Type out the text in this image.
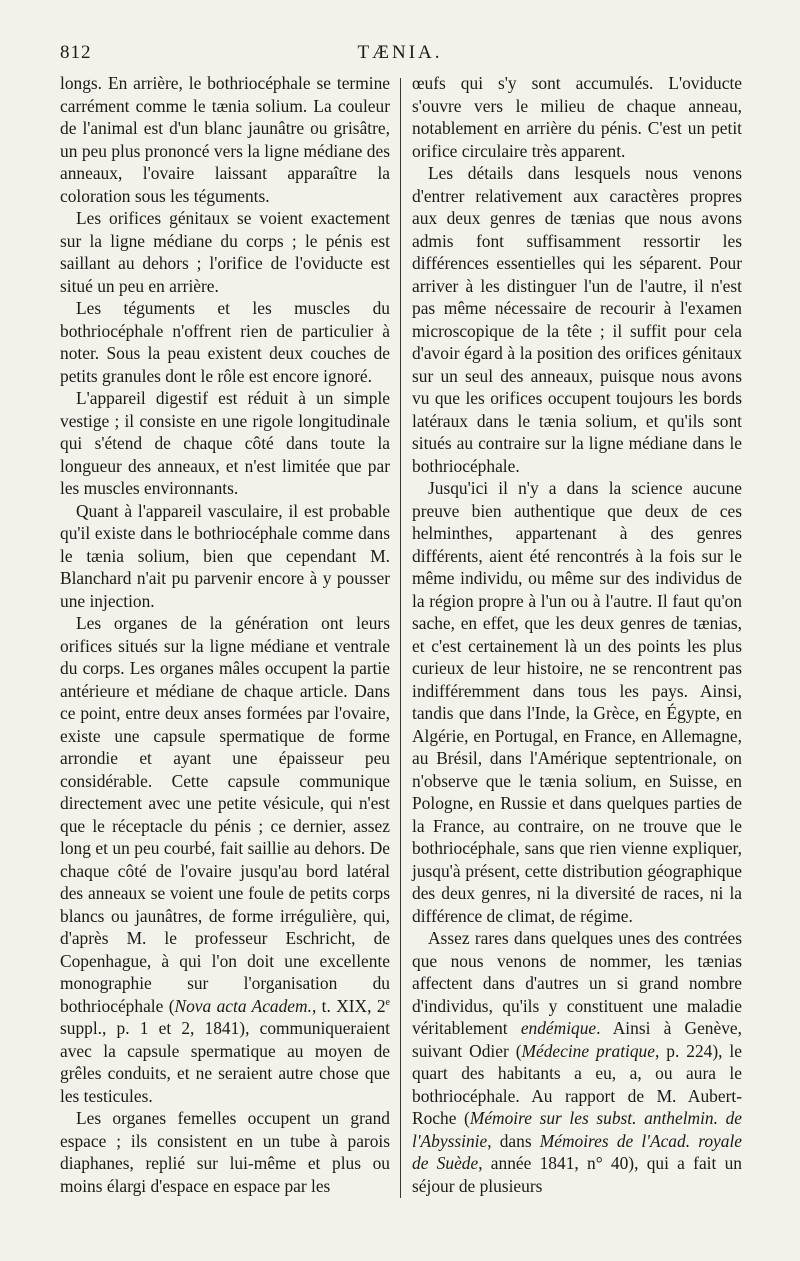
812	TÆNIA.

longs. En arrière, le bothriocéphale se termine carrément comme le tænia solium. La couleur de l'animal est d'un blanc jaunâtre ou grisâtre, un peu plus prononcé vers la ligne médiane des anneaux, l'ovaire laissant apparaître la coloration sous les téguments.

Les orifices génitaux se voient exactement sur la ligne médiane du corps ; le pénis est saillant au dehors ; l'orifice de l'oviducte est situé un peu en arrière.

Les téguments et les muscles du bothriocéphale n'offrent rien de particulier à noter. Sous la peau existent deux couches de petits granules dont le rôle est encore ignoré.

L'appareil digestif est réduit à un simple vestige ; il consiste en une rigole longitudinale qui s'étend de chaque côté dans toute la longueur des anneaux, et n'est limitée que par les muscles environnants.

Quant à l'appareil vasculaire, il est probable qu'il existe dans le bothriocéphale comme dans le tænia solium, bien que cependant M. Blanchard n'ait pu parvenir encore à y pousser une injection.

Les organes de la génération ont leurs orifices situés sur la ligne médiane et ventrale du corps. Les organes mâles occupent la partie antérieure et médiane de chaque article. Dans ce point, entre deux anses formées par l'ovaire, existe une capsule spermatique de forme arrondie et ayant une épaisseur peu considérable. Cette capsule communique directement avec une petite vésicule, qui n'est que le réceptacle du pénis ; ce dernier, assez long et un peu courbé, fait saillie au dehors. De chaque côté de l'ovaire jusqu'au bord latéral des anneaux se voient une foule de petits corps blancs ou jaunâtres, de forme irrégulière, qui, d'après M. le professeur Eschricht, de Copenhague, à qui l'on doit une excellente monographie sur l'organisation du bothriocéphale (Nova acta Academ., t. XIX, 2e suppl., p. 1 et 2, 1841), communiqueraient avec la capsule spermatique au moyen de grêles conduits, et ne seraient autre chose que les testicules.

Les organes femelles occupent un grand espace ; ils consistent en un tube à parois diaphanes, replié sur lui-même et plus ou moins élargi d'espace en espace par les

œufs qui s'y sont accumulés. L'oviducte s'ouvre vers le milieu de chaque anneau, notablement en arrière du pénis. C'est un petit orifice circulaire très apparent.

Les détails dans lesquels nous venons d'entrer relativement aux caractères propres aux deux genres de tænias que nous avons admis font suffisamment ressortir les différences essentielles qui les séparent. Pour arriver à les distinguer l'un de l'autre, il n'est pas même nécessaire de recourir à l'examen microscopique de la tête ; il suffit pour cela d'avoir égard à la position des orifices génitaux sur un seul des anneaux, puisque nous avons vu que les orifices occupent toujours les bords latéraux dans le tænia solium, et qu'ils sont situés au contraire sur la ligne médiane dans le bothriocéphale.

Jusqu'ici il n'y a dans la science aucune preuve bien authentique que deux de ces helminthes, appartenant à des genres différents, aient été rencontrés à la fois sur le même individu, ou même sur des individus de la région propre à l'un ou à l'autre. Il faut qu'on sache, en effet, que les deux genres de tænias, et c'est certainement là un des points les plus curieux de leur histoire, ne se rencontrent pas indifféremment dans tous les pays. Ainsi, tandis que dans l'Inde, la Grèce, en Égypte, en Algérie, en Portugal, en France, en Allemagne, au Brésil, dans l'Amérique septentrionale, on n'observe que le tænia solium, en Suisse, en Pologne, en Russie et dans quelques parties de la France, au contraire, on ne trouve que le bothriocéphale, sans que rien vienne expliquer, jusqu'à présent, cette distribution géographique des deux genres, ni la diversité de races, ni la différence de climat, de régime.

Assez rares dans quelques unes des contrées que nous venons de nommer, les tænias affectent dans d'autres un si grand nombre d'individus, qu'ils y constituent une maladie véritablement endémique. Ainsi à Genève, suivant Odier (Médecine pratique, p. 224), le quart des habitants a eu, a, ou aura le bothriocéphale. Au rapport de M. Aubert-Roche (Mémoire sur les subst. anthelmin. de l'Abyssinie, dans Mémoires de l'Acad. royale de Suède, année 1841, n° 40), qui a fait un séjour de plusieurs
